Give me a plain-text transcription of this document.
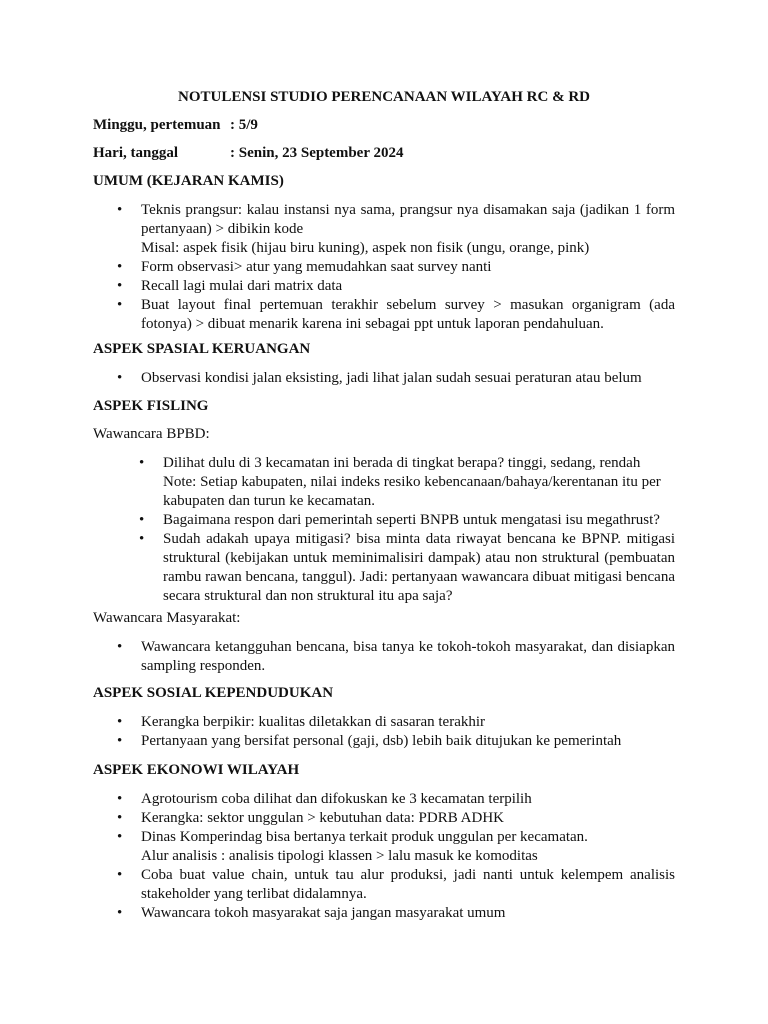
NOTULENSI STUDIO PERENCANAAN WILAYAH RC & RD
Minggu, pertemuan : 5/9
Hari, tanggal	: Senin, 23 September 2024
UMUM (KEJARAN KAMIS)
• Teknis prangsur: kalau instansi nya sama, prangsur nya disamakan saja (jadikan 1 form pertanyaan) > dibikin kode
Misal: aspek fisik (hijau biru kuning), aspek non fisik (ungu, orange, pink)
• Form observasi> atur yang memudahkan saat survey nanti
• Recall lagi mulai dari matrix data
• Buat layout final pertemuan terakhir sebelum survey > masukan organigram (ada fotonya) > dibuat menarik karena ini sebagai ppt untuk laporan pendahuluan.
ASPEK SPASIAL KERUANGAN
• Observasi kondisi jalan eksisting, jadi lihat jalan sudah sesuai peraturan atau belum
ASPEK FISLING
Wawancara BPBD:
• Dilihat dulu di 3 kecamatan ini berada di tingkat berapa? tinggi, sedang, rendah
Note: Setiap kabupaten, nilai indeks resiko kebencanaan/bahaya/kerentanan itu per kabupaten dan turun ke kecamatan.
• Bagaimana respon dari pemerintah seperti BNPB untuk mengatasi isu megathrust?
• Sudah adakah upaya mitigasi? bisa minta data riwayat bencana ke BPNP. mitigasi struktural (kebijakan untuk meminimalisiri dampak) atau non struktural (pembuatan rambu rawan bencana, tanggul). Jadi: pertanyaan wawancara dibuat mitigasi bencana secara struktural dan non struktural itu apa saja?
Wawancara Masyarakat:
• Wawancara ketangguhan bencana, bisa tanya ke tokoh-tokoh masyarakat, dan disiapkan sampling responden.
ASPEK SOSIAL KEPENDUDUKAN
• Kerangka berpikir: kualitas diletakkan di sasaran terakhir
• Pertanyaan yang bersifat personal (gaji, dsb) lebih baik ditujukan ke pemerintah
ASPEK EKONOWI WILAYAH
• Agrotourism coba dilihat dan difokuskan ke 3 kecamatan terpilih
• Kerangka: sektor unggulan > kebutuhan data: PDRB ADHK
• Dinas Komperindag bisa bertanya terkait produk unggulan per kecamatan.
Alur analisis : analisis tipologi klassen > lalu masuk ke komoditas
• Coba buat value chain, untuk tau alur produksi, jadi nanti untuk kelempem analisis stakeholder yang terlibat didalamnya.
• Wawancara tokoh masyarakat saja jangan masyarakat umum
